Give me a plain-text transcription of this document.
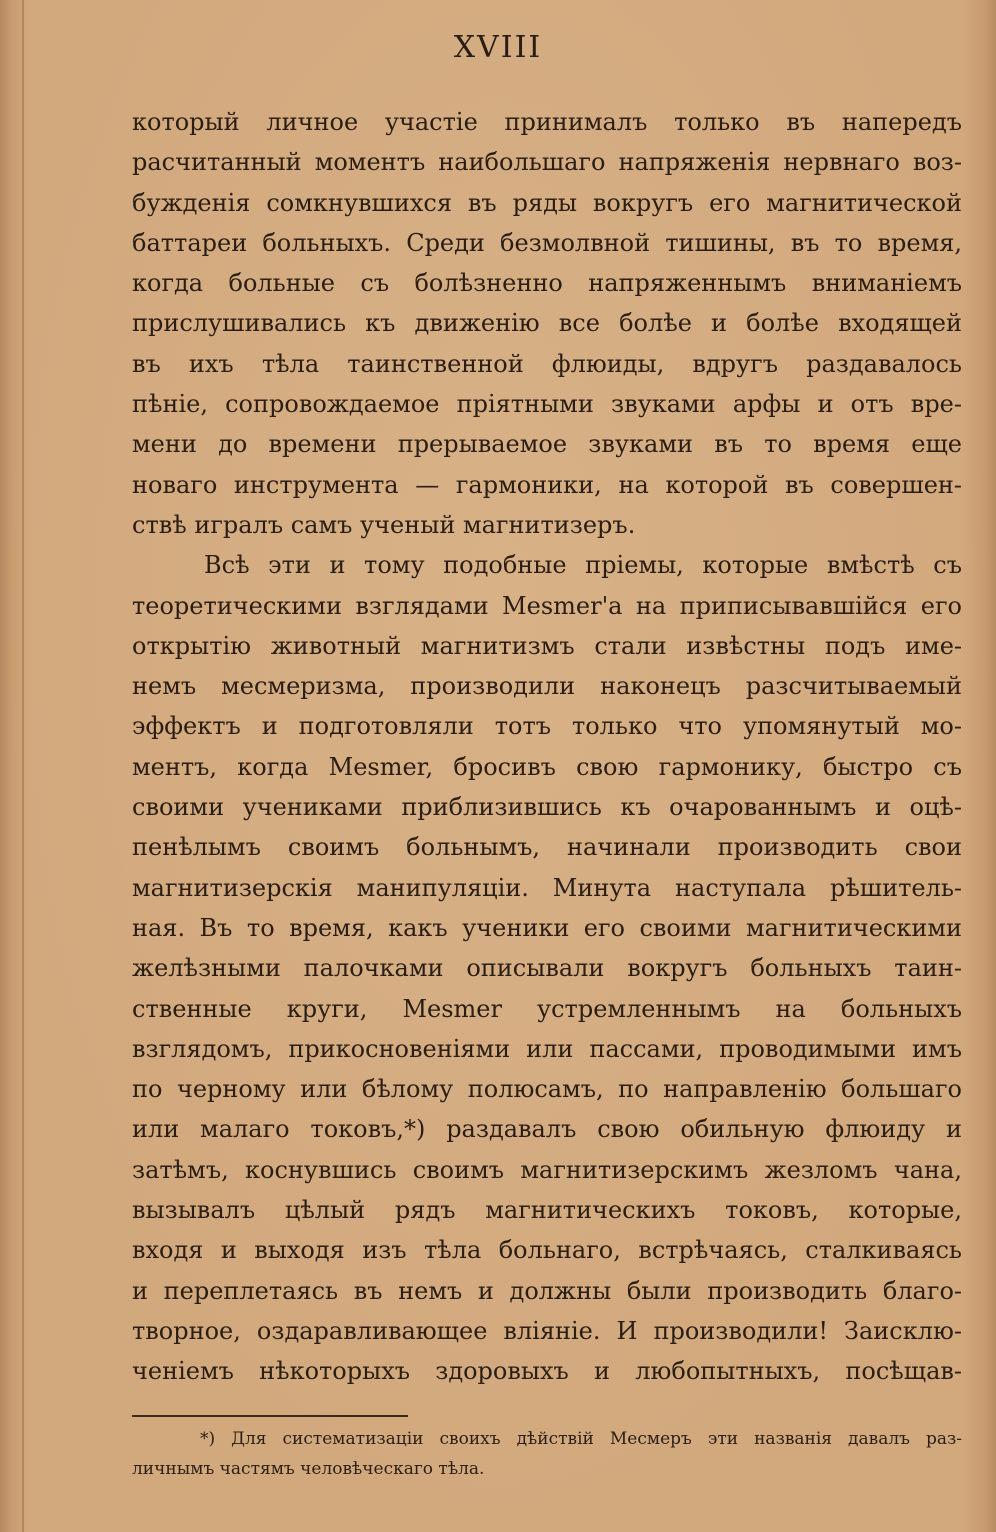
XVIII
который личное участіе принималъ только въ напередъ
расчитанный моментъ наибольшаго напряженія нервнаго воз-
бужденія сомкнувшихся въ ряды вокругъ его магнитической
баттареи больныхъ. Среди безмолвной тишины, въ то время,
когда больные съ болѣзненно напряженнымъ вниманіемъ
прислушивались къ движенію все болѣе и болѣе входящей
въ ихъ тѣла таинственной флюиды, вдругъ раздавалось
пѣніе, сопровождаемое пріятными звуками арфы и отъ вре-
мени до времени прерываемое звуками въ то время еще
новаго инструмента — гармоники, на которой въ совершен-
ствѣ игралъ самъ ученый магнитизеръ.
Всѣ эти и тому подобные пріемы, которые вмѣстѣ съ
теоретическими взглядами Mesmer'а на приписывавшійся его
открытію животный магнитизмъ стали извѣстны подъ име-
немъ месмеризма, производили наконецъ разсчитываемый
эффектъ и подготовляли тотъ только что упомянутый мо-
ментъ, когда Mesmer, бросивъ свою гармонику, быстро съ
своими учениками приблизившись къ очарованнымъ и оцѣ-
пенѣлымъ своимъ больнымъ, начинали производить свои
магнитизерскія манипуляціи. Минута наступала рѣшитель-
ная. Въ то время, какъ ученики его своими магнитическими
желѣзными палочками описывали вокругъ больныхъ таин-
ственные круги, Mesmer устремленнымъ на больныхъ
взглядомъ, прикосновеніями или пассами, проводимыми имъ
по черному или бѣлому полюсамъ, по направленію большаго
или малаго токовъ,*) раздавалъ свою обильную флюиду и
затѣмъ, коснувшись своимъ магнитизерскимъ жезломъ чана,
вызывалъ цѣлый рядъ магнитическихъ токовъ, которые,
входя и выходя изъ тѣла больнаго, встрѣчаясь, сталкиваясь
и переплетаясь въ немъ и должны были производить благо-
творное, оздаравливающее вліяніе. И производили! Заисклю-
ченіемъ нѣкоторыхъ здоровыхъ и любопытныхъ, посѣщав-
*) Для систематизаціи своихъ дѣйствій Месмеръ эти названія давалъ раз-
личнымъ частямъ человѣческаго тѣла.
